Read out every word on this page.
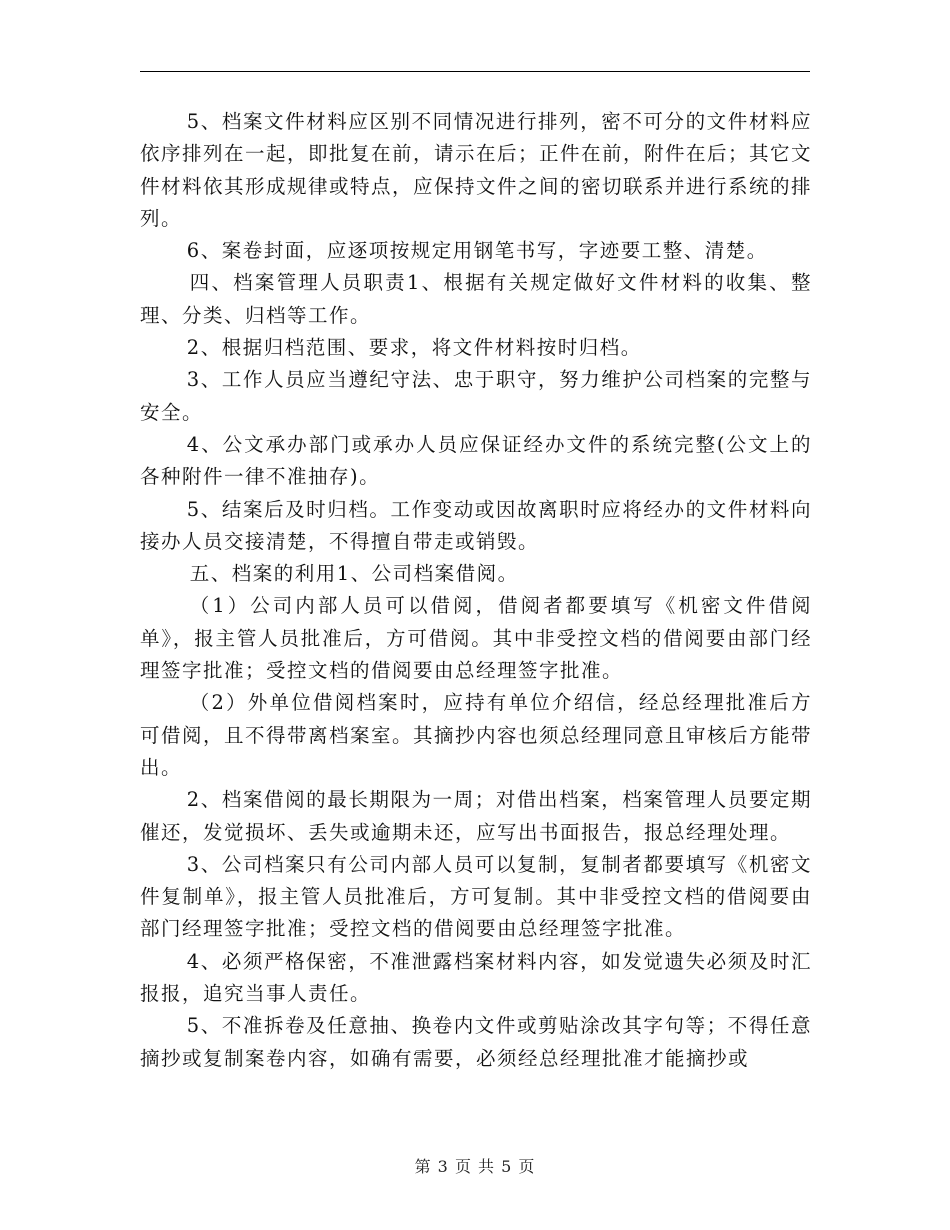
5、档案文件材料应区别不同情况进行排列，密不可分的文件材料应依序排列在一起，即批复在前，请示在后；正件在前，附件在后；其它文件材料依其形成规律或特点，应保持文件之间的密切联系并进行系统的排列。

6、案卷封面，应逐项按规定用钢笔书写，字迹要工整、清楚。

四、档案管理人员职责1、根据有关规定做好文件材料的收集、整理、分类、归档等工作。

2、根据归档范围、要求，将文件材料按时归档。

3、工作人员应当遵纪守法、忠于职守，努力维护公司档案的完整与安全。

4、公文承办部门或承办人员应保证经办文件的系统完整(公文上的各种附件一律不准抽存)。

5、结案后及时归档。工作变动或因故离职时应将经办的文件材料向接办人员交接清楚，不得擅自带走或销毁。

五、档案的利用1、公司档案借阅。

（1）公司内部人员可以借阅，借阅者都要填写《机密文件借阅单》，报主管人员批准后，方可借阅。其中非受控文档的借阅要由部门经理签字批准；受控文档的借阅要由总经理签字批准。

（2）外单位借阅档案时，应持有单位介绍信，经总经理批准后方可借阅，且不得带离档案室。其摘抄内容也须总经理同意且审核后方能带出。

2、档案借阅的最长期限为一周；对借出档案，档案管理人员要定期催还，发觉损坏、丢失或逾期未还，应写出书面报告，报总经理处理。

3、公司档案只有公司内部人员可以复制，复制者都要填写《机密文件复制单》，报主管人员批准后，方可复制。其中非受控文档的借阅要由部门经理签字批准；受控文档的借阅要由总经理签字批准。

4、必须严格保密，不准泄露档案材料内容，如发觉遗失必须及时汇报报，追究当事人责任。

5、不准拆卷及任意抽、换卷内文件或剪贴涂改其字句等；不得任意摘抄或复制案卷内容，如确有需要，必须经总经理批准才能摘抄或

第 3 页 共 5 页
